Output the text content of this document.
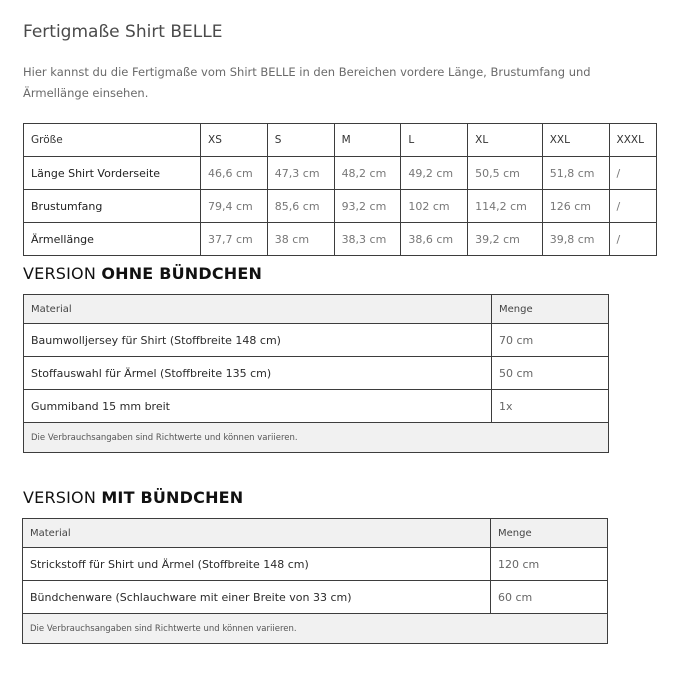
Fertigmaße Shirt BELLE

Hier kannst du die Fertigmaße vom Shirt BELLE in den Bereichen vordere Länge, Brustumfang und Ärmellänge einsehen.

Größe	XS	S	M	L	XL	XXL	XXXL
Länge Shirt Vorderseite	46,6 cm	47,3 cm	48,2 cm	49,2 cm	50,5 cm	51,8 cm	/
Brustumfang	79,4 cm	85,6 cm	93,2 cm	102 cm	114,2 cm	126 cm	/
Ärmellänge	37,7 cm	38 cm	38,3 cm	38,6 cm	39,2 cm	39,8 cm	/
VERSION OHNE BÜNDCHEN
Material	Menge
Baumwolljersey für Shirt (Stoffbreite 148 cm)	70 cm
Stoffauswahl für Ärmel (Stoffbreite 135 cm)	50 cm
Gummiband 15 mm breit	1x
Die Verbrauchsangaben sind Richtwerte und können variieren.	
VERSION MIT BÜNDCHEN
Material	Menge
Strickstoff für Shirt und Ärmel (Stoffbreite 148 cm)	120 cm
Bündchenware (Schlauchware mit einer Breite von 33 cm)	60 cm
Die Verbrauchsangaben sind Richtwerte und können variieren.	
